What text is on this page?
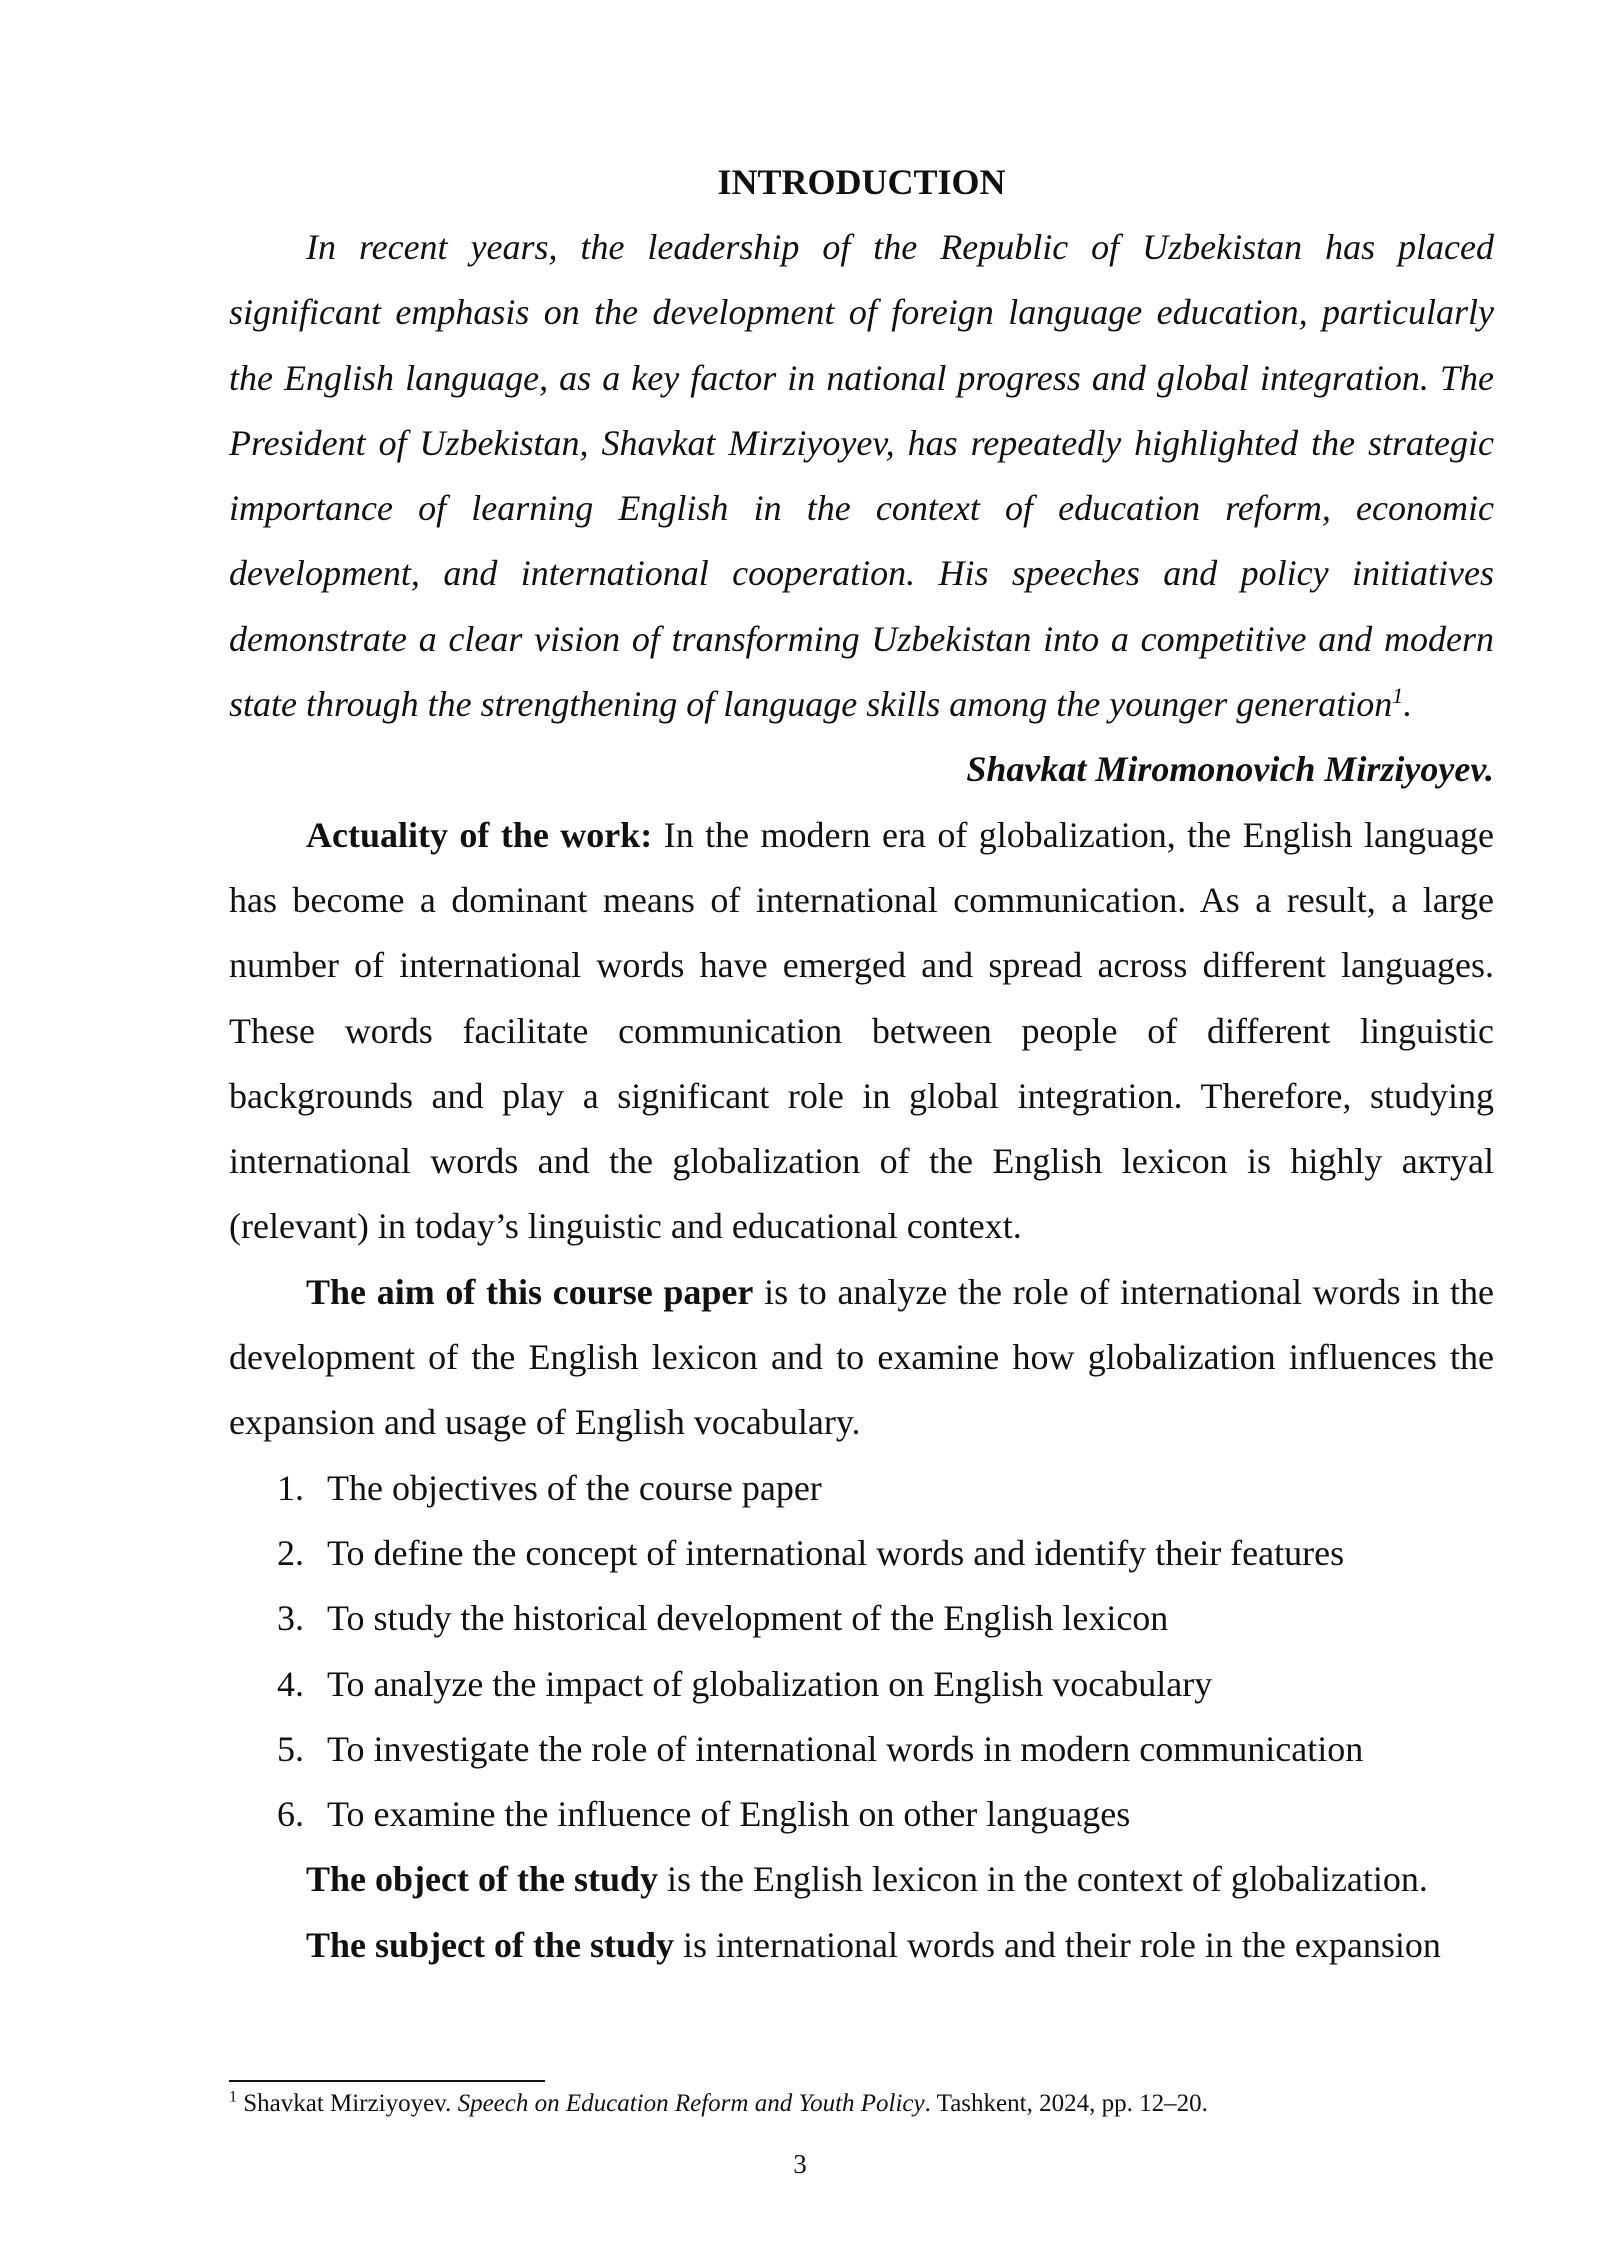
INTRODUCTION

In recent years, the leadership of the Republic of Uzbekistan has placed significant emphasis on the development of foreign language education, particularly the English language, as a key factor in national progress and global integration. The President of Uzbekistan, Shavkat Mirziyoyev, has repeatedly highlighted the strategic importance of learning English in the context of education reform, economic development, and international cooperation. His speeches and policy initiatives demonstrate a clear vision of transforming Uzbekistan into a competitive and modern state through the strengthening of language skills among the younger generation$^1$.

Shavkat Miromonovich Mirziyoyev.

Actuality of the work: In the modern era of globalization, the English language has become a dominant means of international communication. As a result, a large number of international words have emerged and spread across different languages. These words facilitate communication between people of different linguistic backgrounds and play a significant role in global integration. Therefore, studying international words and the globalization of the English lexicon is highly актуal (relevant) in today’s linguistic and educational context.

The aim of this course paper is to analyze the role of international words in the development of the English lexicon and to examine how globalization influences the expansion and usage of English vocabulary.

1. The objectives of the course paper
2. To define the concept of international words and identify their features
3. To study the historical development of the English lexicon
4. To analyze the impact of globalization on English vocabulary
5. To investigate the role of international words in modern communication
6. To examine the influence of English on other languages

The object of the study is the English lexicon in the context of globalization.

The subject of the study is international words and their role in the expansion

$^1$ Shavkat Mirziyoyev. Speech on Education Reform and Youth Policy. Tashkent, 2024, pp. 12–20.
3
